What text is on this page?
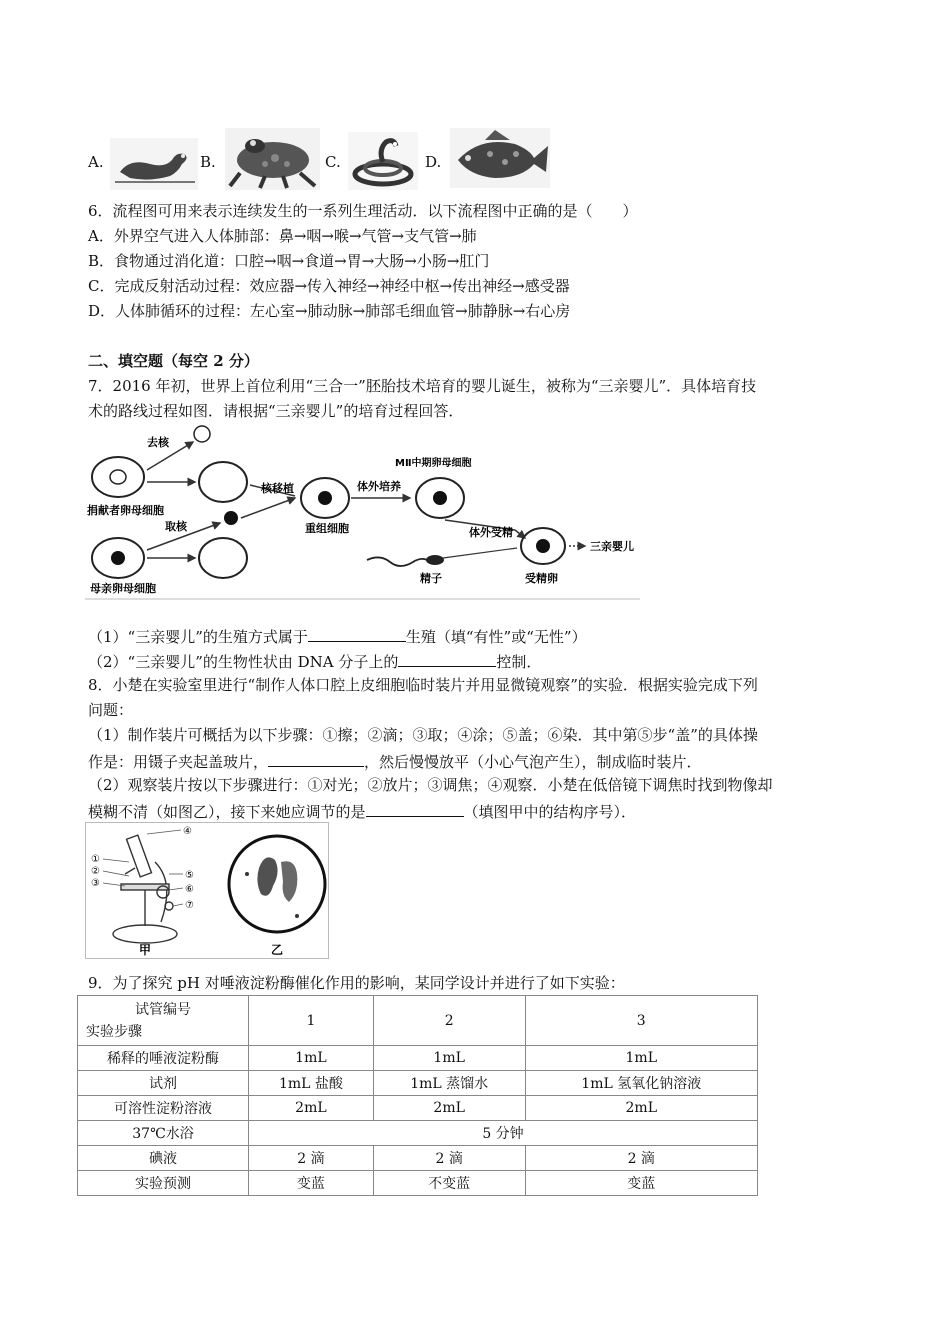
A.	B.	C.	D.
6．流程图可用来表示连续发生的一系列生理活动．以下流程图中正确的是（　　）
A．外界空气进入人体肺部：鼻→咽→喉→气管→支气管→肺
B．食物通过消化道：口腔→咽→食道→胃→大肠→小肠→肛门
C．完成反射活动过程：效应器→传入神经→神经中枢→传出神经→感受器
D．人体肺循环的过程：左心室→肺动脉→肺部毛细血管→肺静脉→右心房
二、填空题（每空 2 分）
7．2016 年初，世界上首位利用“三合一”胚胎技术培育的婴儿诞生，被称为“三亲婴儿”．具体培育技
术的路线过程如图．请根据“三亲婴儿”的培育过程回答．
捐献者卵母细胞
去核
母亲卵母细胞
取核
核移植
重组细胞
体外培养
MⅡ中期卵母细胞
体外受精
精子	受精卵
三亲婴儿
（1）“三亲婴儿”的生殖方式属于	生殖（填“有性”或“无性”）
（2）“三亲婴儿”的生物性状由 DNA 分子上的	控制．
8．小楚在实验室里进行“制作人体口腔上皮细胞临时装片并用显微镜观察”的实验．根据实验完成下列
问题：
（1）制作装片可概括为以下步骤：①擦；②滴；③取；④涂；⑤盖；⑥染．其中第⑤步“盖”的具体操
作是：用镊子夹起盖玻片，	，然后慢慢放平（小心气泡产生），制成临时装片．
（2）观察装片按以下步骤进行：①对光；②放片；③调焦；④观察．小楚在低倍镜下调焦时找到物像却
模糊不清（如图乙），接下来她应调节的是	（填图甲中的结构序号）．
④
①
②
③
⑤
⑥
⑦
甲	乙
9．为了探究 pH 对唾液淀粉酶催化作用的影响，某同学设计并进行了如下实验：
试管编号
实验步骤	1	2	3
稀释的唾液淀粉酶	1mL	1mL	1mL
试剂	1mL 盐酸	1mL 蒸馏水	1mL 氢氧化钠溶液
可溶性淀粉溶液	2mL	2mL	2mL
37℃水浴	5 分钟		
碘液	2 滴	2 滴	2 滴
实验预测	变蓝	不变蓝	变蓝
